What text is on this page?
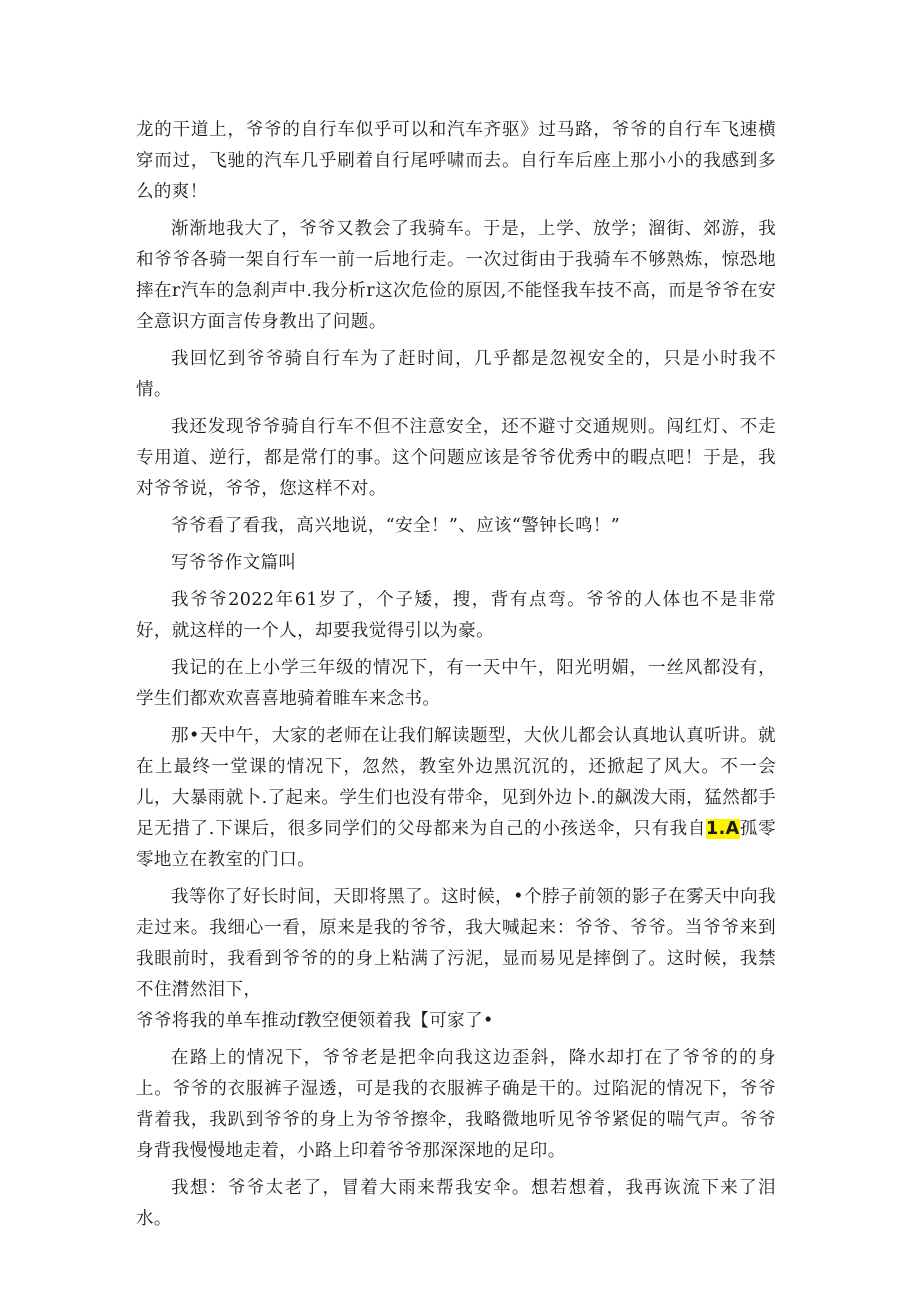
龙的干道上，爷爷的自行车似乎可以和汽车齐驱》过马路，爷爷的自行车飞速横穿而过，飞驰的汽车几乎刷着自行尾呼啸而去。自行车后座上那小小的我感到多么的爽！

渐渐地我大了，爷爷又教会了我骑车。于是，上学、放学；溜街、郊游，我和爷爷各骑一架自行车一前一后地行走。一次过街由于我骑车不够熟炼，惊恐地摔在r汽车的急刹声中.我分析r这次危俭的原因,不能怪我车技不高，而是爷爷在安全意识方面言传身教出了问题。

我回忆到爷爷骑自行车为了赶时间，几乎都是忽视安全的，只是小时我不情。

我还发现爷爷骑自行车不但不注意安全，还不避寸交通规则。闯红灯、不走专用道、逆行，都是常仃的事。这个问题应该是爷爷优秀中的暇点吧！于是，我对爷爷说，爷爷，您这样不对。

爷爷看了看我，高兴地说，“安全！”、应该“警钟长鸣！”

写爷爷作文篇叫

我爷爷2022年61岁了，个子矮，搜，背有点弯。爷爷的人体也不是非常好，就这样的一个人，却要我觉得引以为豪。

我记的在上小学三年级的情况下，有一天中午，阳光明媚，一丝风都没有，学生们都欢欢喜喜地骑着睢车来念书。

那•天中午，大家的老师在让我们解读题型，大伙儿都会认真地认真听讲。就在上最终一堂课的情况下，忽然，教室外边黑沉沉的，还掀起了风大。不一会儿，大暴雨就卜.了起来。学生们也没有带伞，见到外边卜.的飙泼大雨，猛然都手足无措了.下课后，很多同学们的父母都来为自己的小孩送伞，只有我自1.A孤零零地立在教室的门口。

我等你了好长时间，天即将黑了。这时候，•个脖子前领的影子在雾天中向我走过来。我细心一看，原来是我的爷爷，我大喊起来：爷爷、爷爷。当爷爷来到我眼前时，我看到爷爷的的身上粘满了污泥，显而易见是摔倒了。这时候，我禁不住潸然泪下，

爷爷将我的单车推动f教空便领着我【可家了•

在路上的情况下，爷爷老是把伞向我这边歪斜，降水却打在了爷爷的的身上。爷爷的衣服裤子湿透，可是我的衣服裤子确是干的。过陷泥的情况下，爷爷背着我，我趴到爷爷的身上为爷爷擦伞，我略微地听见爷爷紧促的喘气声。爷爷身背我慢慢地走着，小路上印着爷爷那深深地的足印。

我想：爷爷太老了，冒着大雨来帮我安伞。想若想着，我再诙流下来了泪水。
